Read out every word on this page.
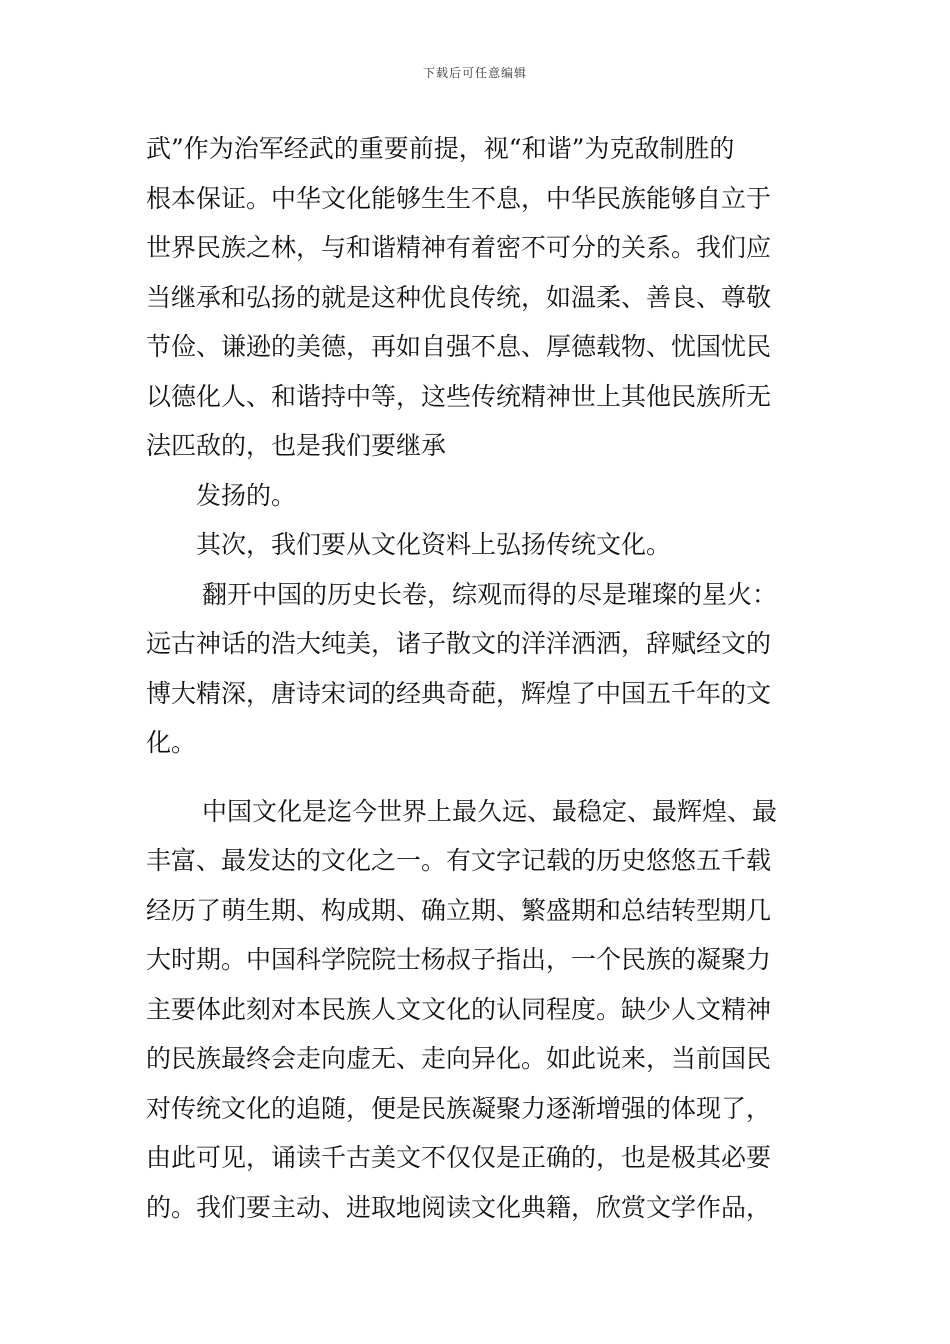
下载后可任意编辑
武”作为治军经武的重要前提，视“和谐”为克敌制胜的
根本保证。中华文化能够生生不息，中华民族能够自立于
世界民族之林，与和谐精神有着密不可分的关系。我们应
当继承和弘扬的就是这种优良传统，如温柔、善良、尊敬
节俭、谦逊的美德，再如自强不息、厚德载物、忧国忧民
以德化人、和谐持中等，这些传统精神世上其他民族所无
法匹敌的，也是我们要继承
发扬的。
其次，我们要从文化资料上弘扬传统文化。
翻开中国的历史长卷，综观而得的尽是璀璨的星火：
远古神话的浩大纯美，诸子散文的洋洋洒洒，辞赋经文的
博大精深，唐诗宋词的经典奇葩，辉煌了中国五千年的文
化。
中国文化是迄今世界上最久远、最稳定、最辉煌、最
丰富、最发达的文化之一。有文字记载的历史悠悠五千载
经历了萌生期、构成期、确立期、繁盛期和总结转型期几
大时期。中国科学院院士杨叔子指出，一个民族的凝聚力
主要体此刻对本民族人文文化的认同程度。缺少人文精神
的民族最终会走向虚无、走向异化。如此说来，当前国民
对传统文化的追随，便是民族凝聚力逐渐增强的体现了，
由此可见，诵读千古美文不仅仅是正确的，也是极其必要
的。我们要主动、进取地阅读文化典籍，欣赏文学作品，
